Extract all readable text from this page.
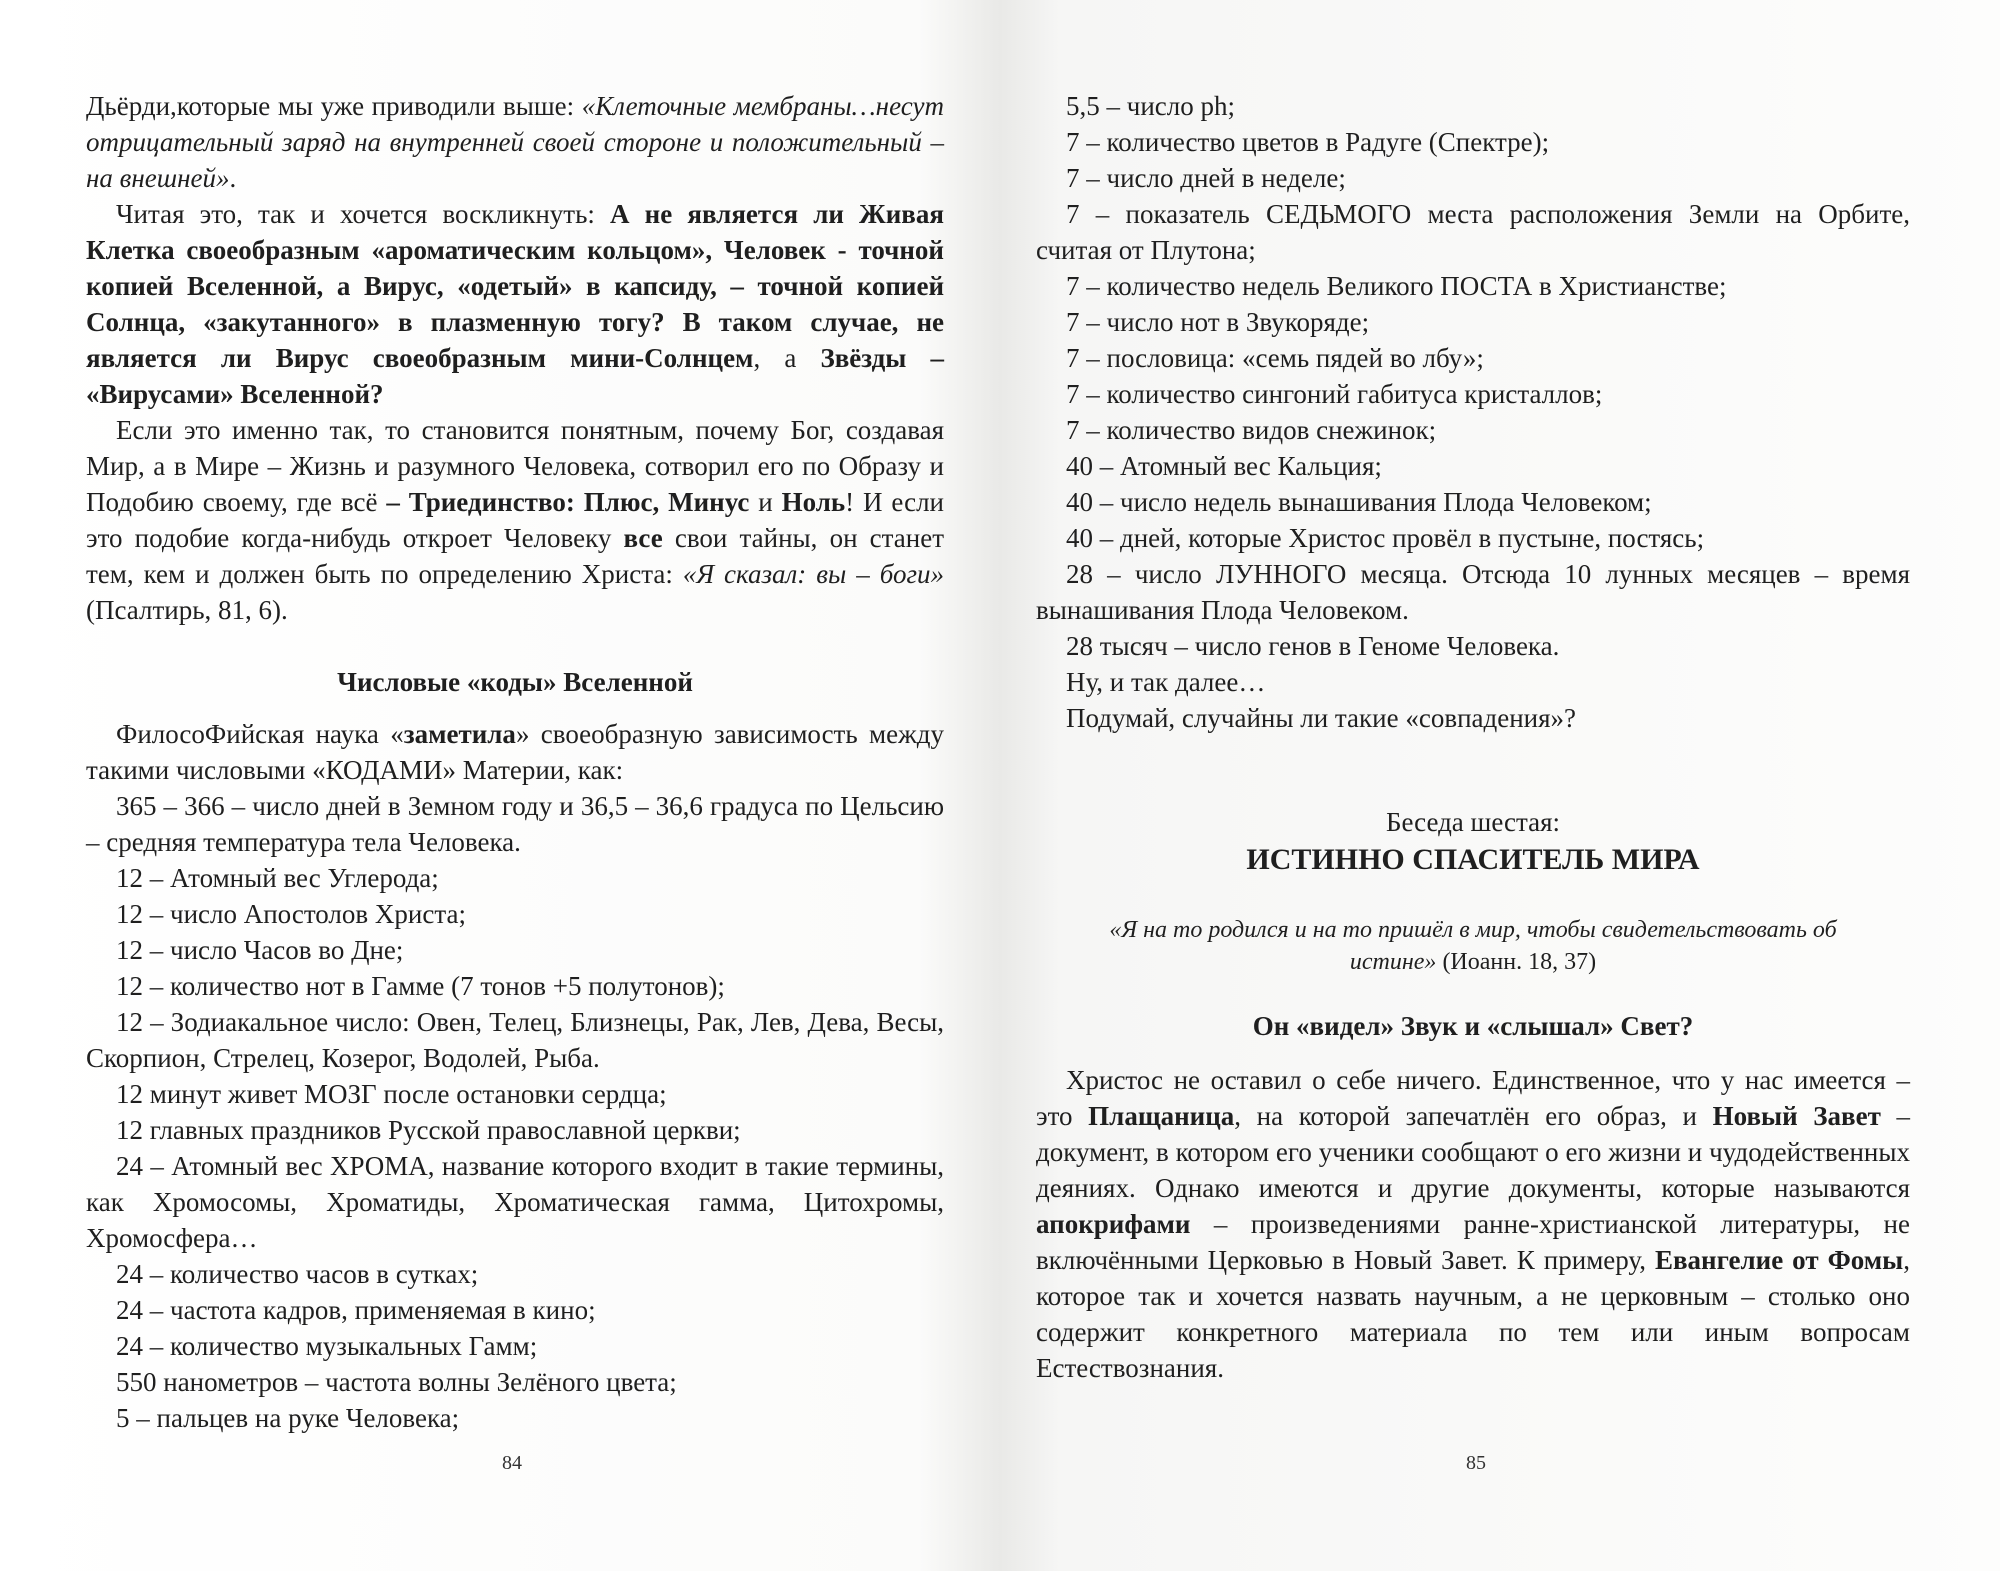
Дьёрди,которые мы уже приводили выше: «Клеточные мембраны…несут отрицательный заряд на внутренней своей стороне и положительный – на внешней».

Читая это, так и хочется воскликнуть: А не является ли Живая Клетка своеобразным «ароматическим кольцом», Человек - точной копией Вселенной, а Вирус, «одетый» в капсиду, – точной копией Солнца, «закутанного» в плазменную тогу? В таком случае, не является ли Вирус своеобразным мини-Солнцем, а Звёзды – «Вирусами» Вселенной?

Если это именно так, то становится понятным, почему Бог, создавая Мир, а в Мире – Жизнь и разумного Человека, сотворил его по Образу и Подобию своему, где всё – Триединство: Плюс, Минус и Ноль! И если это подобие когда-нибудь откроет Человеку все свои тайны, он станет тем, кем и должен быть по определению Христа: «Я сказал: вы – боги» (Псалтирь, 81, 6).

Числовые «коды» Вселенной

ФилосоФийская наука «заметила» своеобразную зависимость между такими числовыми «КОДАМИ» Материи, как:

365 – 366 – число дней в Земном году и 36,5 – 36,6 градуса по Цельсию – средняя температура тела Человека.

12 – Атомный вес Углерода;

12 – число Апостолов Христа;

12 – число Часов во Дне;

12 – количество нот в Гамме (7 тонов +5 полутонов);

12 – Зодиакальное число: Овен, Телец, Близнецы, Рак, Лев, Дева, Весы, Скорпион, Стрелец, Козерог, Водолей, Рыба.

12 минут живет МОЗГ после остановки сердца;

12 главных праздников Русской православной церкви;

24 – Атомный вес ХРОМА, название которого входит в такие термины, как Хромосомы, Хроматиды, Хроматическая гамма, Цитохромы, Хромосфера…

24 – количество часов в сутках;

24 – частота кадров, применяемая в кино;

24 – количество музыкальных Гамм;

550 нанометров – частота волны Зелёного цвета;

5 – пальцев на руке Человека;

84

5,5 – число ph;

7 – количество цветов в Радуге (Спектре);

7 – число дней в неделе;

7 – показатель СЕДЬМОГО места расположения Земли на Орбите, считая от Плутона;

7 – количество недель Великого ПОСТА в Христианстве;

7 – число нот в Звукоряде;

7 – пословица: «семь пядей во лбу»;

7 – количество сингоний габитуса кристаллов;

7 – количество видов снежинок;

40 – Атомный вес Кальция;

40 – число недель вынашивания Плода Человеком;

40 – дней, которые Христос провёл в пустыне, постясь;

28 – число ЛУННОГО месяца. Отсюда 10 лунных месяцев – время вынашивания Плода Человеком.

28 тысяч – число генов в Геноме Человека.

Ну, и так далее…

Подумай, случайны ли такие «совпадения»?

Беседа шестая:

ИСТИННО СПАСИТЕЛЬ МИРА

«Я на то родился и на то пришёл в мир, чтобы свидетельствовать об истине» (Иоанн. 18, 37)

Он «видел» Звук и «слышал» Свет?

Христос не оставил о себе ничего. Единственное, что у нас имеется – это Плащаница, на которой запечатлён его образ, и Новый Завет – документ, в котором его ученики сообщают о его жизни и чудодейственных деяниях. Однако имеются и другие документы, которые называются апокрифами – произведениями ранне-христианской литературы, не включёнными Церковью в Новый Завет. К примеру, Евангелие от Фомы, которое так и хочется назвать научным, а не церковным – столько оно содержит конкретного материала по тем или иным вопросам Естествознания.

85
